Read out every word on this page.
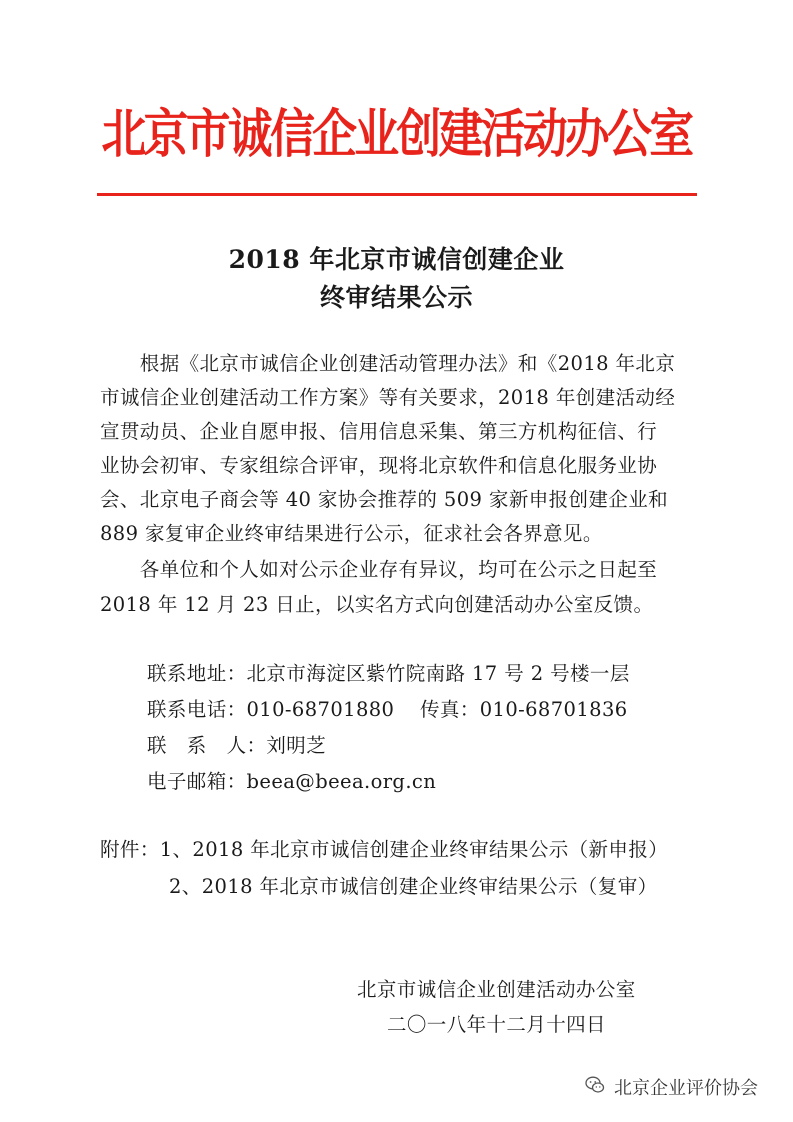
北京市诚信企业创建活动办公室
2018 年北京市诚信创建企业
终审结果公示
　　根据《北京市诚信企业创建活动管理办法》和《2018 年北京
市诚信企业创建活动工作方案》等有关要求，2018 年创建活动经
宣贯动员、企业自愿申报、信用信息采集、第三方机构征信、行
业协会初审、专家组综合评审，现将北京软件和信息化服务业协
会、北京电子商会等 40 家协会推荐的 509 家新申报创建企业和
889 家复审企业终审结果进行公示，征求社会各界意见。
　　各单位和个人如对公示企业存有异议，均可在公示之日起至
2018 年 12 月 23 日止，以实名方式向创建活动办公室反馈。
联系地址：北京市海淀区紫竹院南路 17 号 2 号楼一层
联系电话：010-68701880 传真：010-68701836
联　系　人：刘明芝
电子邮箱：beea@beea.org.cn
附件：1、2018 年北京市诚信创建企业终审结果公示（新申报）
2、2018 年北京市诚信创建企业终审结果公示（复审）
北京市诚信企业创建活动办公室
二〇一八年十二月十四日
北京企业评价协会
